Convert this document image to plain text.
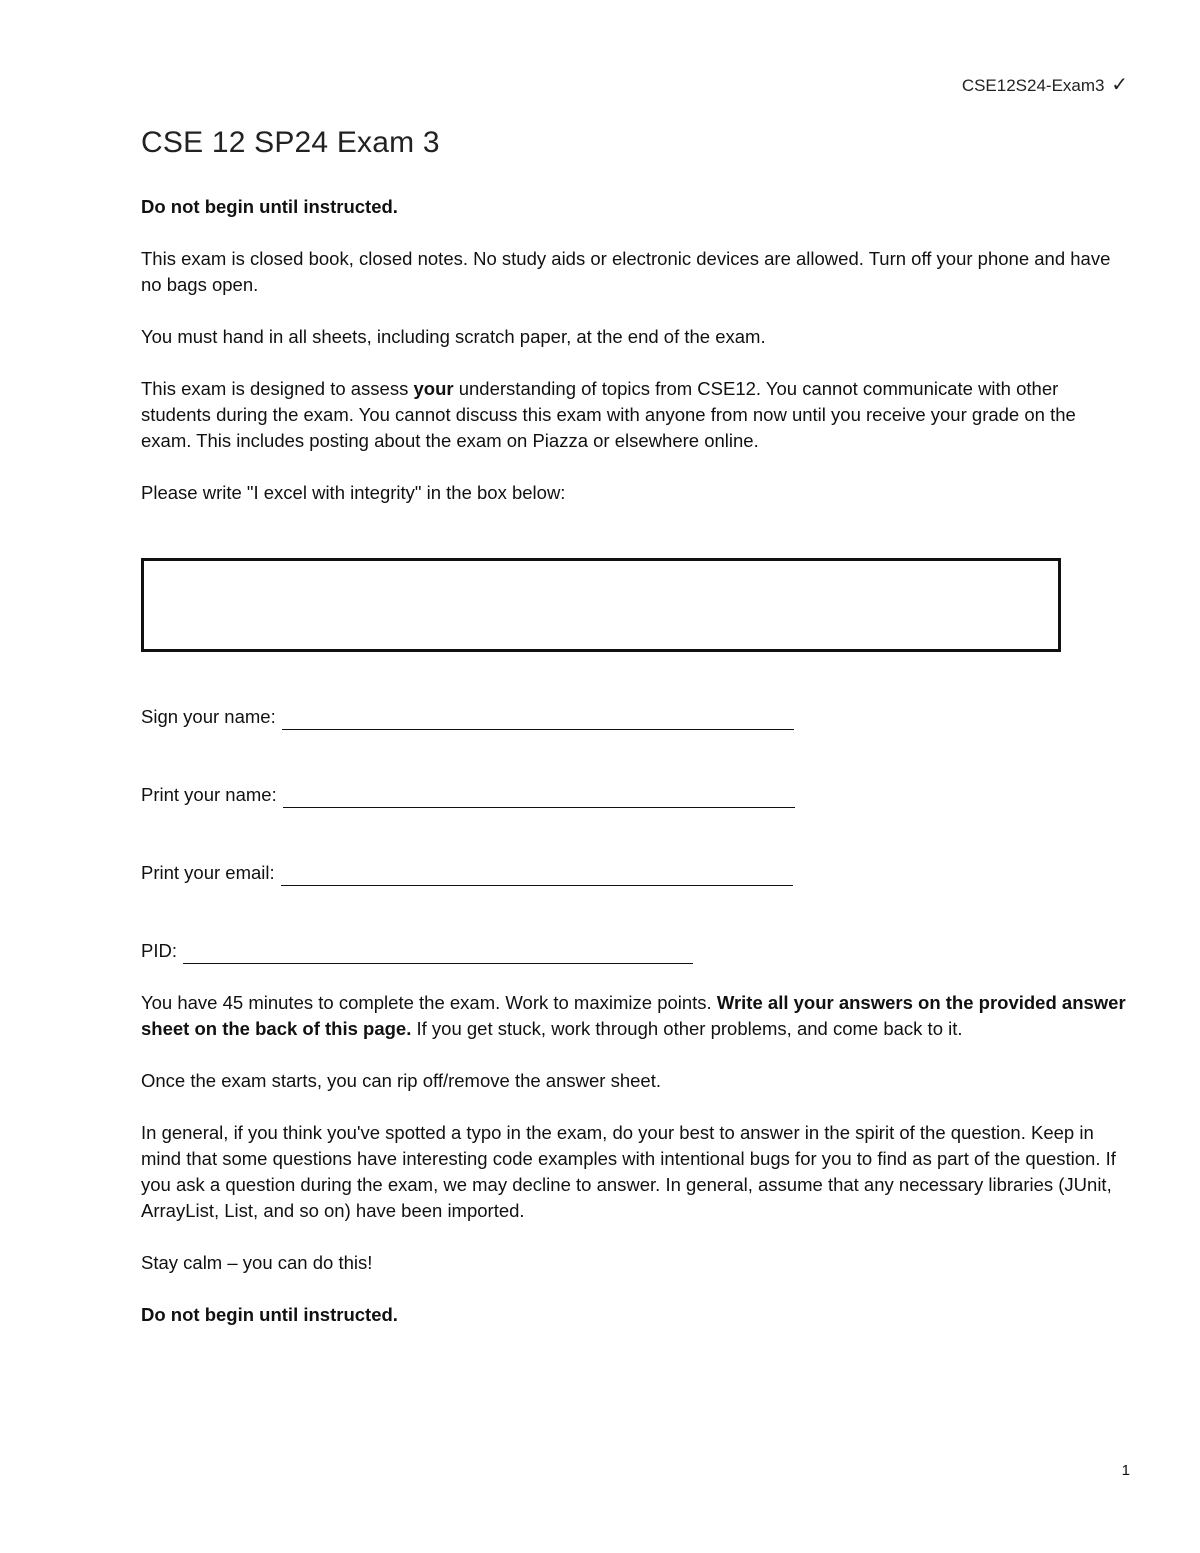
CSE12S24-Exam3 ✓
CSE 12 SP24 Exam 3

Do not begin until instructed.

This exam is closed book, closed notes. No study aids or electronic devices are allowed. Turn off your phone and have no bags open.

You must hand in all sheets, including scratch paper, at the end of the exam.

This exam is designed to assess your understanding of topics from CSE12. You cannot communicate with other students during the exam. You cannot discuss this exam with anyone from now until you receive your grade on the exam. This includes posting about the exam on Piazza or elsewhere online.

Please write "I excel with integrity" in the box below:

Sign your name:
Print your name:
Print your email:
PID:

You have 45 minutes to complete the exam. Work to maximize points. Write all your answers on the provided answer sheet on the back of this page. If you get stuck, work through other problems, and come back to it.

Once the exam starts, you can rip off/remove the answer sheet.

In general, if you think you've spotted a typo in the exam, do your best to answer in the spirit of the question. Keep in mind that some questions have interesting code examples with intentional bugs for you to find as part of the question. If you ask a question during the exam, we may decline to answer. In general, assume that any necessary libraries (JUnit, ArrayList, List, and so on) have been imported.

Stay calm – you can do this!

Do not begin until instructed.

1
